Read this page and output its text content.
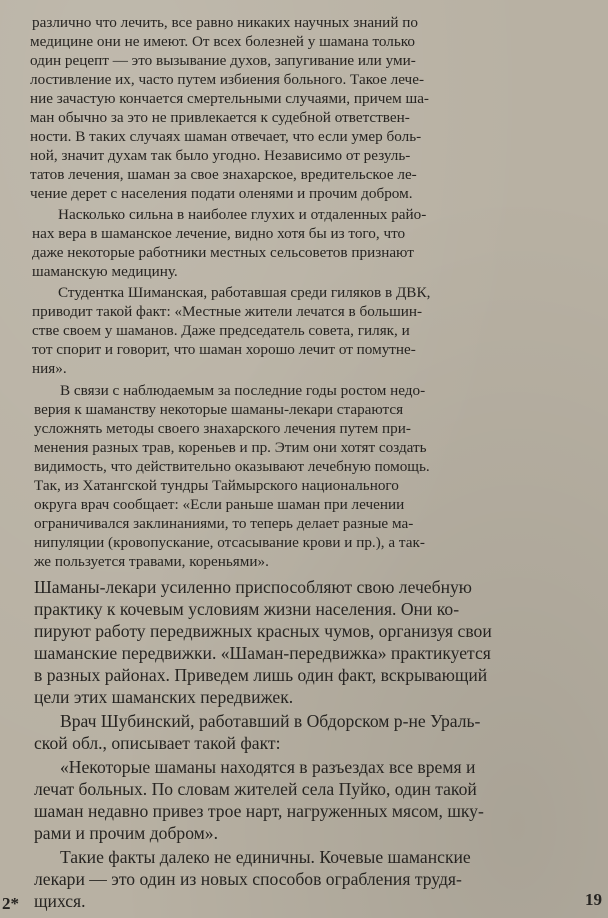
различно что лечить, все равно никаких научных знаний по
медицине они не имеют. От всех болезней у шамана только
один рецепт — это вызывание духов, запугивание или уми-
лостивление их, часто путем избиения больного. Такое лече-
ние зачастую кончается смертельными случаями, причем ша-
ман обычно за это не привлекается к судебной ответствен-
ности. В таких случаях шаман отвечает, что если умер боль-
ной, значит духам так было угодно. Независимо от резуль-
татов лечения, шаман за свое знахарское, вредительское ле-
чение дерет с населения подати оленями и прочим добром.
Насколько сильна в наиболее глухих и отдаленных райо-
нах вера в шаманское лечение, видно хотя бы из того, что
даже некоторые работники местных сельсоветов признают
шаманскую медицину.
Студентка Шиманская, работавшая среди гиляков в ДВК,
приводит такой факт: «Местные жители лечатся в большин-
стве своем у шаманов. Даже председатель совета, гиляк, и
тот спорит и говорит, что шаман хорошо лечит от помутне-
ния».
В связи с наблюдаемым за последние годы ростом недо-
верия к шаманству некоторые шаманы-лекари стараются
усложнять методы своего знахарского лечения путем при-
менения разных трав, кореньев и пр. Этим они хотят создать
видимость, что действительно оказывают лечебную помощь.
Так, из Хатангской тундры Таймырского национального
округа врач сообщает: «Если раньше шаман при лечении
ограничивался заклинаниями, то теперь делает разные ма-
нипуляции (кровопускание, отсасывание крови и пр.), а так-
же пользуется травами, кореньями».
Шаманы-лекари усиленно приспособляют свою лечебную
практику к кочевым условиям жизни населения. Они ко-
пируют работу передвижных красных чумов, организуя свои
шаманские передвижки. «Шаман-передвижка» практикуется
в разных районах. Приведем лишь один факт, вскрывающий
цели этих шаманских передвижек.
Врач Шубинский, работавший в Обдорском р-не Ураль-
ской обл., описывает такой факт:
«Некоторые шаманы находятся в разъездах все время и
лечат больных. По словам жителей села Пуйко, один такой
шаман недавно привез трое нарт, нагруженных мясом, шку-
рами и прочим добром».
Такие факты далеко не единичны. Кочевые шаманские
лекари — это один из новых способов ограбления трудя-
щихся.
2*	19
